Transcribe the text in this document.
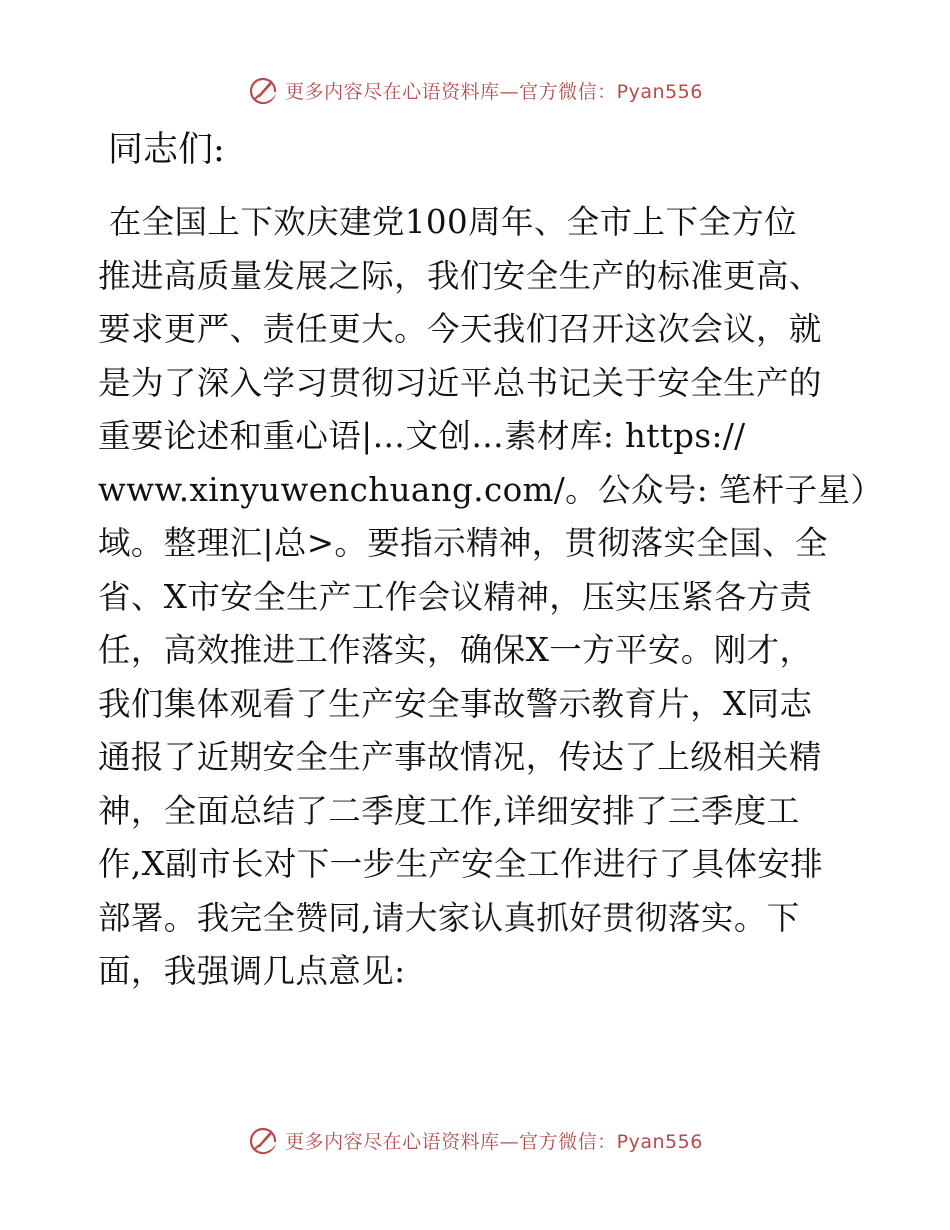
更多内容尽在心语资料库—官方微信：Pyan556
同志们:
在全国上下欢庆建党100周年、全市上下全方位
推进高质量发展之际，我们安全生产的标准更高、
要求更严、责任更大。今天我们召开这次会议，就
是为了深入学习贯彻习近平总书记关于安全生产的
重要论述和重心语|…文创…素材库: https://
www.xinyuwenchuang.com/。公众号: 笔杆子星）
域。整理汇|总>。要指示精神，贯彻落实全国、全
省、X市安全生产工作会议精神，压实压紧各方责
任，高效推进工作落实，确保X一方平安。刚才，
我们集体观看了生产安全事故警示教育片，X同志
通报了近期安全生产事故情况，传达了上级相关精
神，全面总结了二季度工作,详细安排了三季度工
作,X副市长对下一步生产安全工作进行了具体安排
部署。我完全赞同,请大家认真抓好贯彻落实。下
面，我强调几点意见:
更多内容尽在心语资料库—官方微信：Pyan556
